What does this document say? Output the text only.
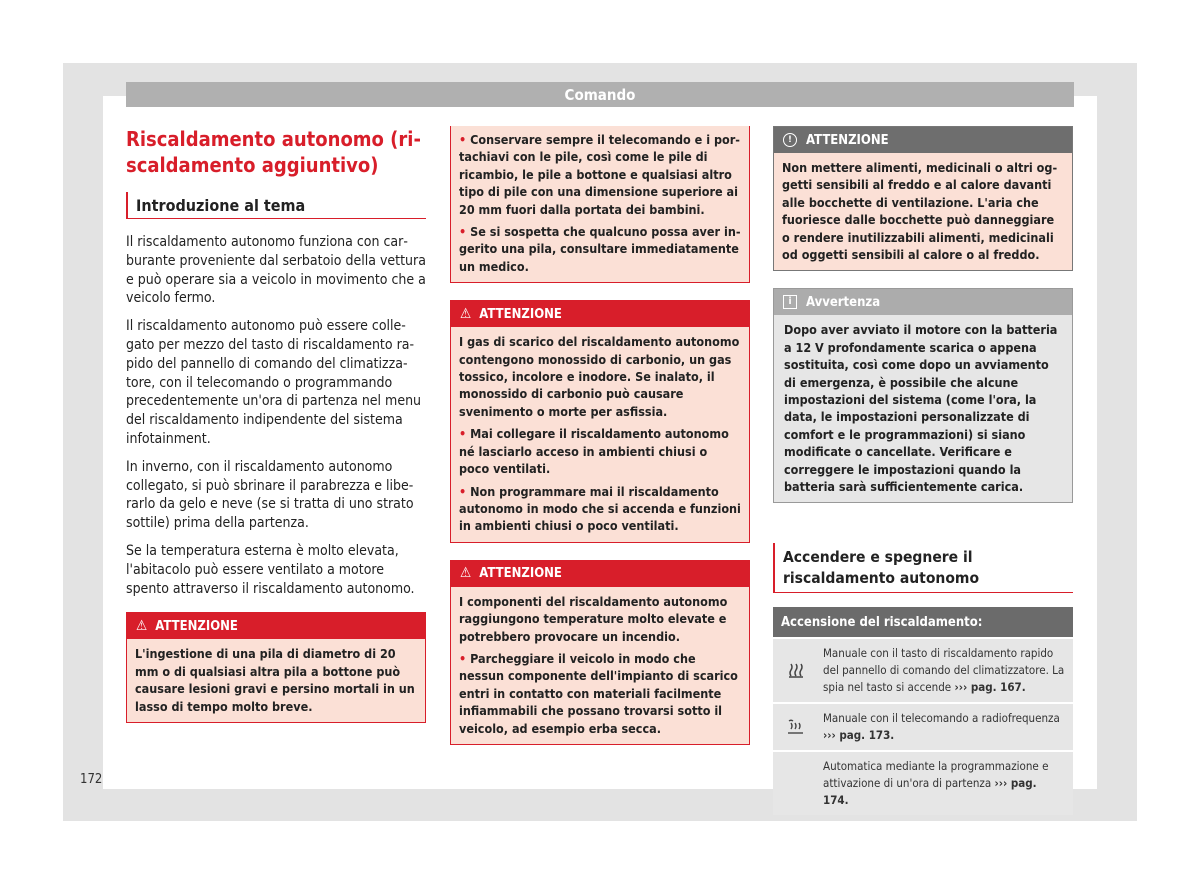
Comando
Riscaldamento autonomo (riscaldamento aggiuntivo)
Introduzione al tema

Il riscaldamento autonomo funziona con carburante proveniente dal serbatoio della vettura e può operare sia a veicolo in movimento che a veicolo fermo.

Il riscaldamento autonomo può essere collegato per mezzo del tasto di riscaldamento rapido del pannello di comando del climatizzatore, con il telecomando o programmando precedentemente un'ora di partenza nel menu del riscaldamento indipendente del sistema infotainment.

In inverno, con il riscaldamento autonomo collegato, si può sbrinare il parabrezza e liberarlo da gelo e neve (se si tratta di uno strato sottile) prima della partenza.

Se la temperatura esterna è molto elevata, l'abitacolo può essere ventilato a motore spento attraverso il riscaldamento autonomo.

⚠ ATTENZIONE

L'ingestione di una pila di diametro di 20 mm o di qualsiasi altra pila a bottone può causare lesioni gravi e persino mortali in un lasso di tempo molto breve.

• Conservare sempre il telecomando e i portachiavi con le pile, così come le pile di ricambio, le pile a bottone e qualsiasi altro tipo di pile con una dimensione superiore ai 20 mm fuori dalla portata dei bambini.

• Se si sospetta che qualcuno possa aver ingerito una pila, consultare immediatamente un medico.

⚠ ATTENZIONE

I gas di scarico del riscaldamento autonomo contengono monossido di carbonio, un gas tossico, incolore e inodore. Se inalato, il monossido di carbonio può causare svenimento o morte per asfissia.

• Mai collegare il riscaldamento autonomo né lasciarlo acceso in ambienti chiusi o poco ventilati.

• Non programmare mai il riscaldamento autonomo in modo che si accenda e funzioni in ambienti chiusi o poco ventilati.

⚠ ATTENZIONE

I componenti del riscaldamento autonomo raggiungono temperature molto elevate e potrebbero provocare un incendio.

• Parcheggiare il veicolo in modo che nessun componente dell'impianto di scarico entri in contatto con materiali facilmente infiammabili che possano trovarsi sotto il veicolo, ad esempio erba secca.

!	ATTENZIONE

Non mettere alimenti, medicinali o altri oggetti sensibili al freddo e al calore davanti alle bocchette di ventilazione. L'aria che fuoriesce dalle bocchette può danneggiare o rendere inutilizzabili alimenti, medicinali od oggetti sensibili al calore o al freddo.

i	Avvertenza

Dopo aver avviato il motore con la batteria a 12 V profondamente scarica o appena sostituita, così come dopo un avviamento di emergenza, è possibile che alcune impostazioni del sistema (come l'ora, la data, le impostazioni personalizzate di comfort e le programmazioni) si siano modificate o cancellate. Verificare e correggere le impostazioni quando la batteria sarà sufficientemente carica.

Accendere e spegnere il riscaldamento autonomo
Accensione del riscaldamento:
Manuale con il tasto di riscaldamento rapido del pannello di comando del climatizzatore. La spia nel tasto si accende ››› pag. 167.
Manuale con il telecomando a radiofrequenza ››› pag. 173.
Automatica mediante la programmazione e attivazione di un'ora di partenza ››› pag. 174.
172
